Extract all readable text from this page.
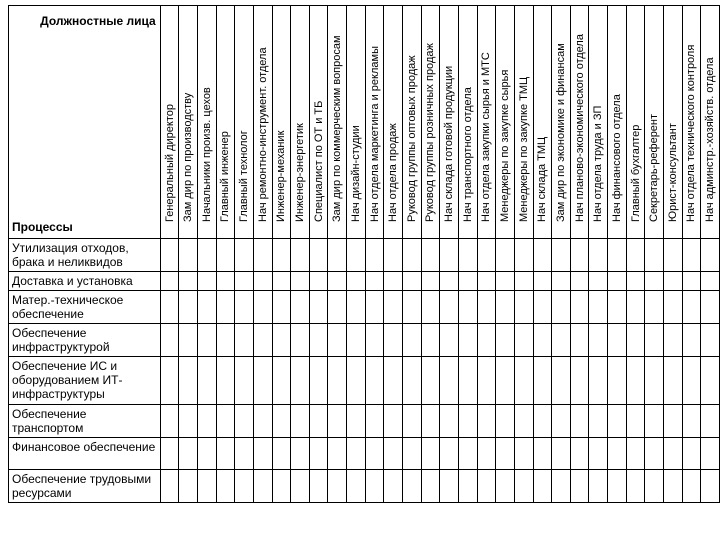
Должностные лица
Процессы	Генеральный директор	Зам дир по производству	Начальники произв. цехов	Главный инженер	Главный технолог	Нач ремонтно-инструмент. отдела	Инженер-механик	Инженер-энергетик	Специалист по ОТ и ТБ	Зам дир по коммерческим вопросам	Нач дизайн-студии	Нач отдела маркетинга и рекламы	Нач отдела продаж	Руковод группы оптовых продаж	Руковод группы розничных продаж	Нач склада готовой продукции	Нач транспортного отдела	Нач отдела закупки сырья и МТС	Менеджеры по закупке сырья	Менеджеры по закупке ТМЦ	Нач склада ТМЦ	Зам дир по экономике и финансам	Нач планово-экономического отдела	Нач отдела труда и ЗП	Нач финансового отдела	Главный бухгалтер	Секретарь-референт	Юрист-консультант	Нач отдела технического контроля	Нач админстр.-хозяйств. отдела

Утилизация отходов, брака и неликвидов																														
Доставка и установка																														
Матер.-техническое обеспечение																														
Обеспечение инфраструктурой																														
Обеспечение ИС и оборудованием ИТ-инфраструктуры																														
Обеспечение транспортом																														
Финансовое обеспечение																														
Обеспечение трудовыми ресурсами																														
